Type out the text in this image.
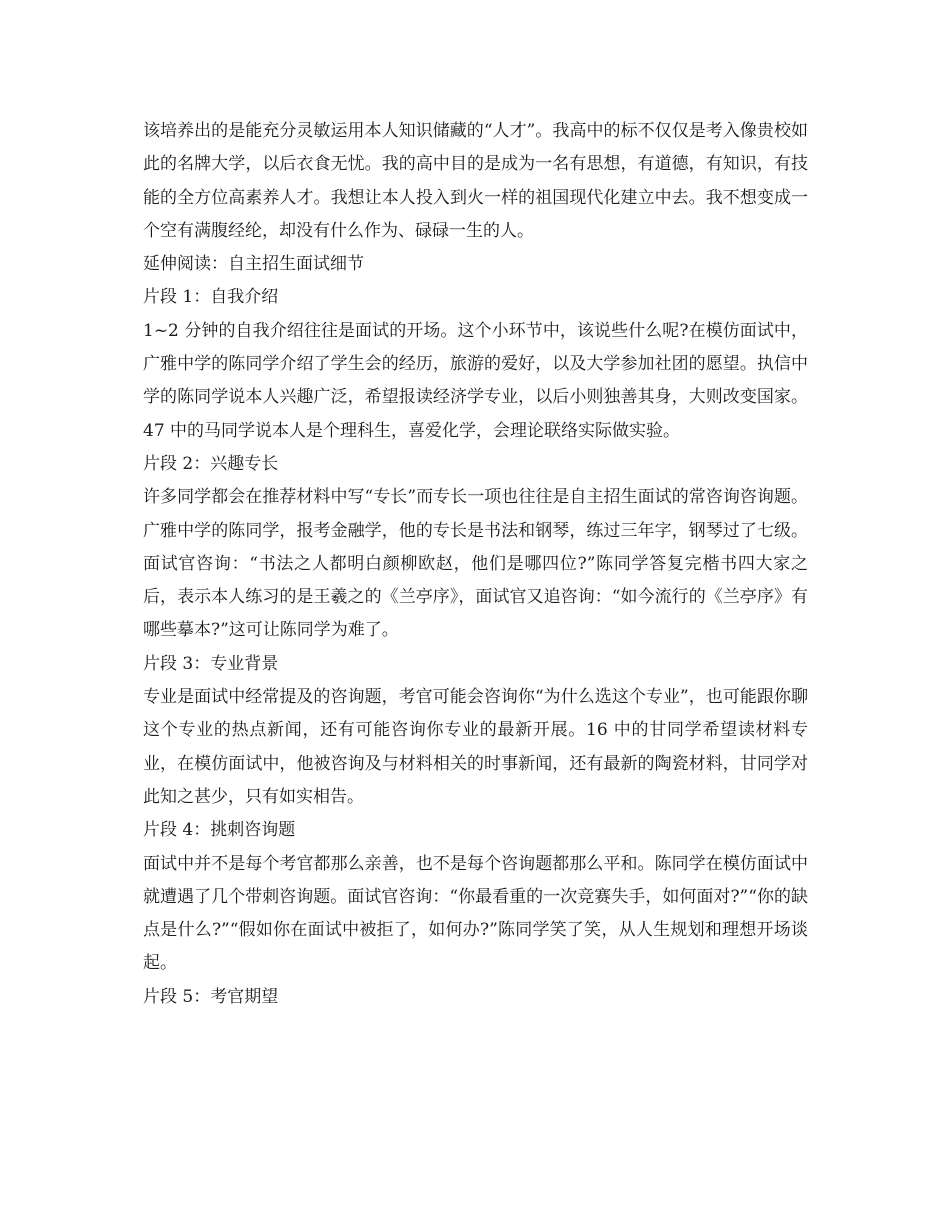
该培养出的是能充分灵敏运用本人知识储藏的“人才”。我高中的标不仅仅是考入像贵校如此的名牌大学，以后衣食无忧。我的高中目的是成为一名有思想，有道德，有知识，有技能的全方位高素养人才。我想让本人投入到火一样的祖国现代化建立中去。我不想变成一个空有满腹经纶，却没有什么作为、碌碌一生的人。

延伸阅读：自主招生面试细节

片段 1：自我介绍

1~2 分钟的自我介绍往往是面试的开场。这个小环节中，该说些什么呢?在模仿面试中，广雅中学的陈同学介绍了学生会的经历，旅游的爱好，以及大学参加社团的愿望。执信中学的陈同学说本人兴趣广泛，希望报读经济学专业，以后小则独善其身，大则改变国家。47 中的马同学说本人是个理科生，喜爱化学，会理论联络实际做实验。

片段 2：兴趣专长

许多同学都会在推荐材料中写“专长”而专长一项也往往是自主招生面试的常咨询咨询题。广雅中学的陈同学，报考金融学，他的专长是书法和钢琴，练过三年字，钢琴过了七级。面试官咨询：“书法之人都明白颜柳欧赵，他们是哪四位?”陈同学答复完楷书四大家之后，表示本人练习的是王羲之的《兰亭序》，面试官又追咨询：“如今流行的《兰亭序》有哪些摹本?”这可让陈同学为难了。

片段 3：专业背景

专业是面试中经常提及的咨询题，考官可能会咨询你“为什么选这个专业”，也可能跟你聊这个专业的热点新闻，还有可能咨询你专业的最新开展。16 中的甘同学希望读材料专业，在模仿面试中，他被咨询及与材料相关的时事新闻，还有最新的陶瓷材料，甘同学对此知之甚少，只有如实相告。

片段 4：挑刺咨询题

面试中并不是每个考官都那么亲善，也不是每个咨询题都那么平和。陈同学在模仿面试中就遭遇了几个带刺咨询题。面试官咨询：“你最看重的一次竞赛失手，如何面对?”“你的缺点是什么?”“假如你在面试中被拒了，如何办?”陈同学笑了笑，从人生规划和理想开场谈起。

片段 5：考官期望
